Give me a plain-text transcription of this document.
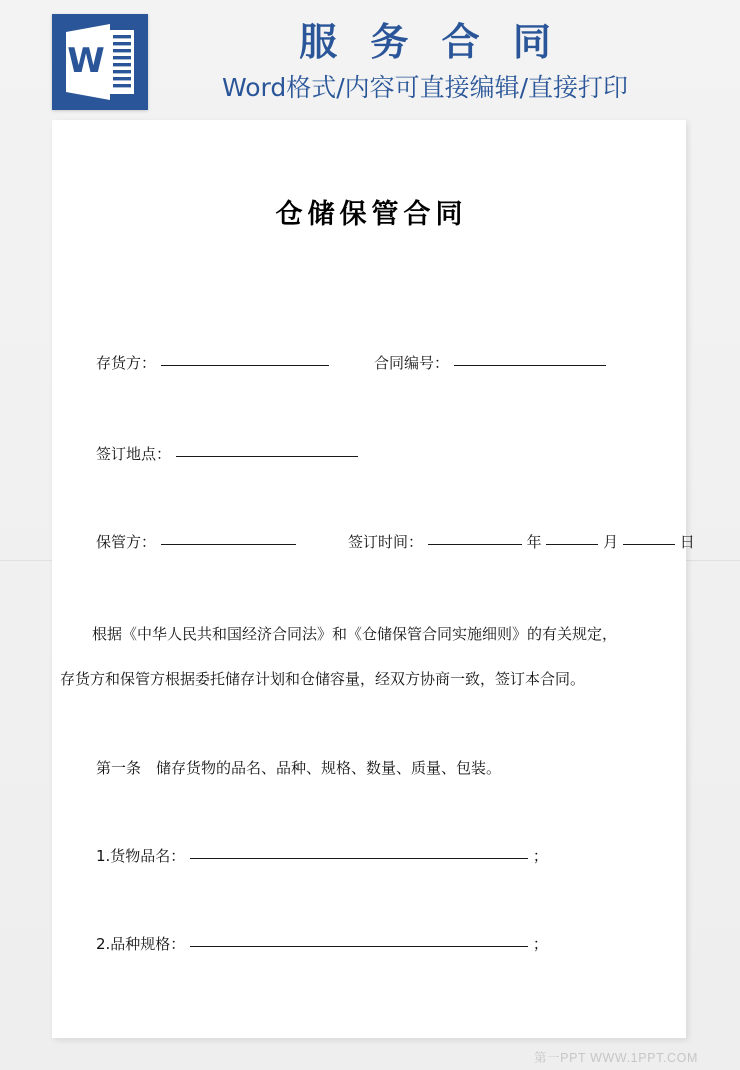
W	服 务 合 同
Word格式/内容可直接编辑/直接打印
仓储保管合同
存货方：	合同编号：
签订地点：
保管方：	签订时间：	年	月	日
根据《中华人民共和国经济合同法》和《仓储保管合同实施细则》的有关规定，
存货方和保管方根据委托储存计划和仓储容量，经双方协商一致，签订本合同。
第一条　储存货物的品名、品种、规格、数量、质量、包装。
1.货物品名：	；
2.品种规格：	；
第一PPT WWW.1PPT.COM
